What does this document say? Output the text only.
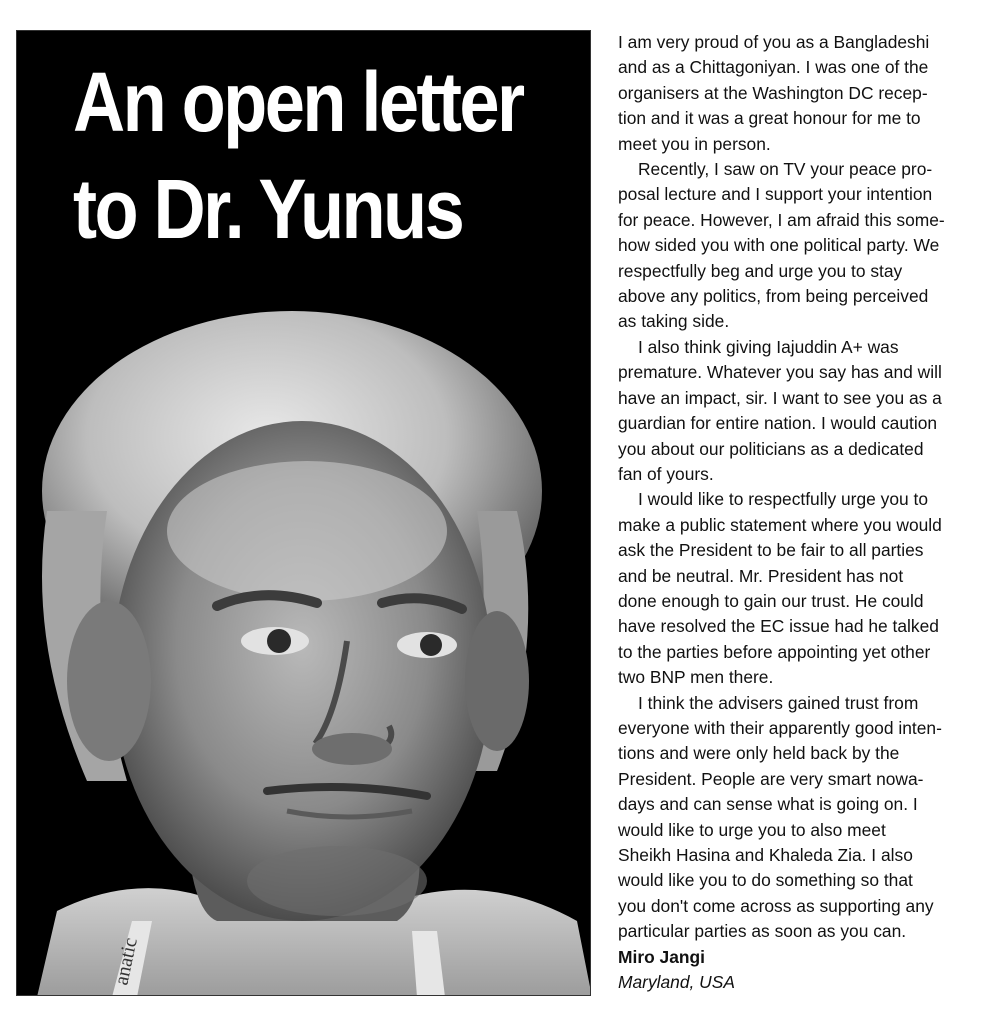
An open letter
to Dr. Yunus
anatic

I am very proud of you as a Bangladeshi

and as a Chittagoniyan. I was one of the

organisers at the Washington DC recep-

tion and it was a great honour for me to

meet you in person.

Recently, I saw on TV your peace pro-

posal lecture and I support your intention

for peace. However, I am afraid this some-

how sided you with one political party. We

respectfully beg and urge you to stay

above any politics, from being perceived

as taking side.

I also think giving Iajuddin A+ was

premature. Whatever you say has and will

have an impact, sir. I want to see you as a

guardian for entire nation. I would caution

you about our politicians as a dedicated

fan of yours.

I would like to respectfully urge you to

make a public statement where you would

ask the President to be fair to all parties

and be neutral. Mr. President has not

done enough to gain our trust. He could

have resolved the EC issue had he talked

to the parties before appointing yet other

two BNP men there.

I think the advisers gained trust from

everyone with their apparently good inten-

tions and were only held back by the

President. People are very smart nowa-

days and can sense what is going on. I

would like to urge you to also meet

Sheikh Hasina and Khaleda Zia. I also

would like you to do something so that

you don't come across as supporting any

particular parties as soon as you can.

Miro Jangi

Maryland, USA
